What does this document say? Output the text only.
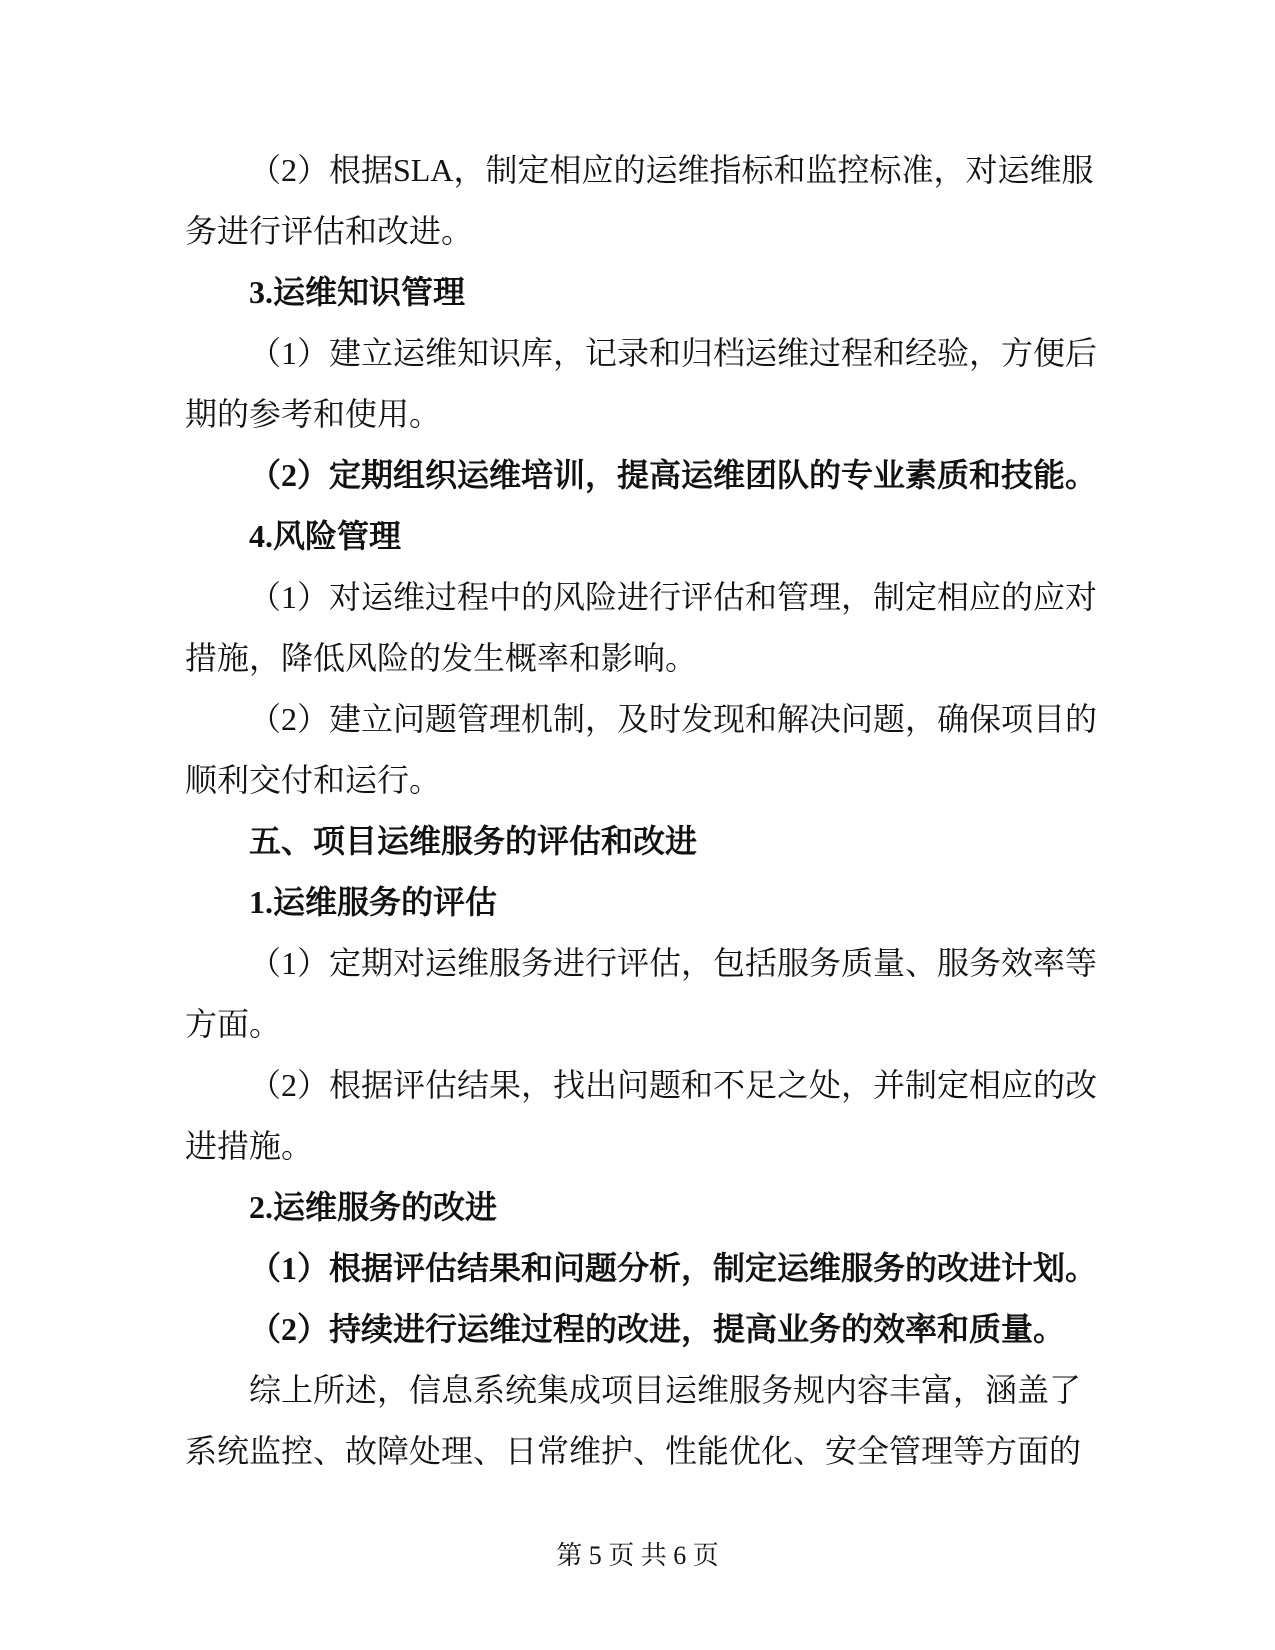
（2）根据SLA，制定相应的运维指标和监控标准，对运维服
务进行评估和改进。
3.运维知识管理
（1）建立运维知识库，记录和归档运维过程和经验，方便后
期的参考和使用。
（2）定期组织运维培训，提高运维团队的专业素质和技能。
4.风险管理
（1）对运维过程中的风险进行评估和管理，制定相应的应对
措施，降低风险的发生概率和影响。
（2）建立问题管理机制，及时发现和解决问题，确保项目的
顺利交付和运行。
五、项目运维服务的评估和改进
1.运维服务的评估
（1）定期对运维服务进行评估，包括服务质量、服务效率等
方面。
（2）根据评估结果，找出问题和不足之处，并制定相应的改
进措施。
2.运维服务的改进
（1）根据评估结果和问题分析，制定运维服务的改进计划。
（2）持续进行运维过程的改进，提高业务的效率和质量。
综上所述，信息系统集成项目运维服务规内容丰富，涵盖了
系统监控、故障处理、日常维护、性能优化、安全管理等方面的
第 5 页 共 6 页
